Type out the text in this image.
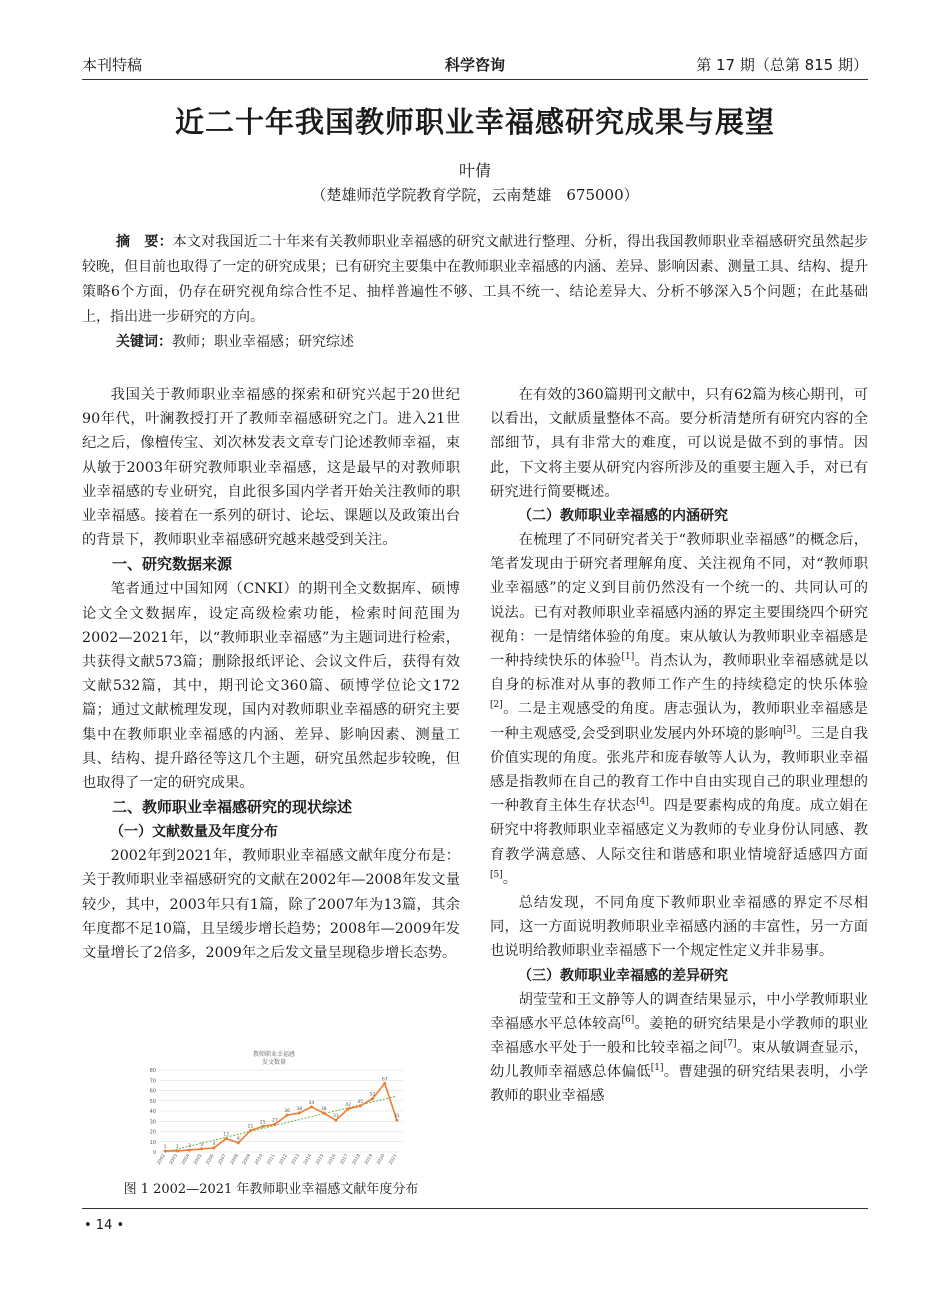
本刊特稿	科学咨询	第 17 期（总第 815 期）
近二十年我国教师职业幸福感研究成果与展望
叶倩
（楚雄师范学院教育学院，云南楚雄　675000）
摘　要：本文对我国近二十年来有关教师职业幸福感的研究文献进行整理、分析，得出我国教师职业幸福感研究虽然起步较晚，但目前也取得了一定的研究成果；已有研究主要集中在教师职业幸福感的内涵、差异、影响因素、测量工具、结构、提升策略6个方面，仍存在研究视角综合性不足、抽样普遍性不够、工具不统一、结论差异大、分析不够深入5个问题；在此基础上，指出进一步研究的方向。
关键词：教师；职业幸福感；研究综述

我国关于教师职业幸福感的探索和研究兴起于20世纪90年代，叶澜教授打开了教师幸福感研究之门。进入21世纪之后，像檀传宝、刘次林发表文章专门论述教师幸福，束从敏于2003年研究教师职业幸福感，这是最早的对教师职业幸福感的专业研究，自此很多国内学者开始关注教师的职业幸福感。接着在一系列的研讨、论坛、课题以及政策出台的背景下，教师职业幸福感研究越来越受到关注。

一、研究数据来源

笔者通过中国知网（CNKI）的期刊全文数据库、硕博论文全文数据库，设定高级检索功能，检索时间范围为2002—2021年，以“教师职业幸福感”为主题词进行检索，共获得文献573篇；删除报纸评论、会议文件后，获得有效文献532篇，其中，期刊论文360篇、硕博学位论文172篇；通过文献梳理发现，国内对教师职业幸福感的研究主要集中在教师职业幸福感的内涵、差异、影响因素、测量工具、结构、提升路径等这几个主题，研究虽然起步较晚，但也取得了一定的研究成果。

二、教师职业幸福感研究的现状综述
（一）文献数量及年度分布

2002年到2021年，教师职业幸福感文献年度分布是：关于教师职业幸福感研究的文献在2002年—2008年发文量较少，其中，2003年只有1篇，除了2007年为13篇，其余年度都不足10篇，且呈缓步增长趋势；2008年—2009年发文量增长了2倍多，2009年之后发文量呈现稳步增长态势。

教师职业幸福感
发文数量
0
10
20
30
40
50
60
70
80
2002 2003 2004 2005 2006 2007 2008 2009 2010 2011 2012 2013 2014 2015 2016 2017 2018 2019 2020 2021
1 1 2 3 4
13
9
21
25 27
36 38
44
38
31
42
45
52
67
31
图 1 2002—2021 年教师职业幸福感文献年度分布

在有效的360篇期刊文献中，只有62篇为核心期刊，可以看出，文献质量整体不高。要分析清楚所有研究内容的全部细节，具有非常大的难度，可以说是做不到的事情。因此，下文将主要从研究内容所涉及的重要主题入手，对已有研究进行简要概述。

（二）教师职业幸福感的内涵研究

在梳理了不同研究者关于“教师职业幸福感”的概念后，笔者发现由于研究者理解角度、关注视角不同，对“教师职业幸福感”的定义到目前仍然没有一个统一的、共同认可的说法。已有对教师职业幸福感内涵的界定主要围绕四个研究视角：一是情绪体验的角度。束从敏认为教师职业幸福感是一种持续快乐的体验[1]。肖杰认为，教师职业幸福感就是以自身的标准对从事的教师工作产生的持续稳定的快乐体验[2]。二是主观感受的角度。唐志强认为，教师职业幸福感是一种主观感受,会受到职业发展内外环境的影响[3]。三是自我价值实现的角度。张兆芹和庞春敏等人认为，教师职业幸福感是指教师在自己的教育工作中自由实现自己的职业理想的一种教育主体生存状态[4]。四是要素构成的角度。成立娟在研究中将教师职业幸福感定义为教师的专业身份认同感、教育教学满意感、人际交往和谐感和职业情境舒适感四方面[5]。

总结发现，不同角度下教师职业幸福感的界定不尽相同，这一方面说明教师职业幸福感内涵的丰富性，另一方面也说明给教师职业幸福感下一个规定性定义并非易事。

（三）教师职业幸福感的差异研究

胡莹莹和王文静等人的调查结果显示，中小学教师职业幸福感水平总体较高[6]。姜艳的研究结果是小学教师的职业幸福感水平处于一般和比较幸福之间[7]。束从敏调查显示，幼儿教师幸福感总体偏低[1]。曹建强的研究结果表明，小学教师的职业幸福感

• 14 •
